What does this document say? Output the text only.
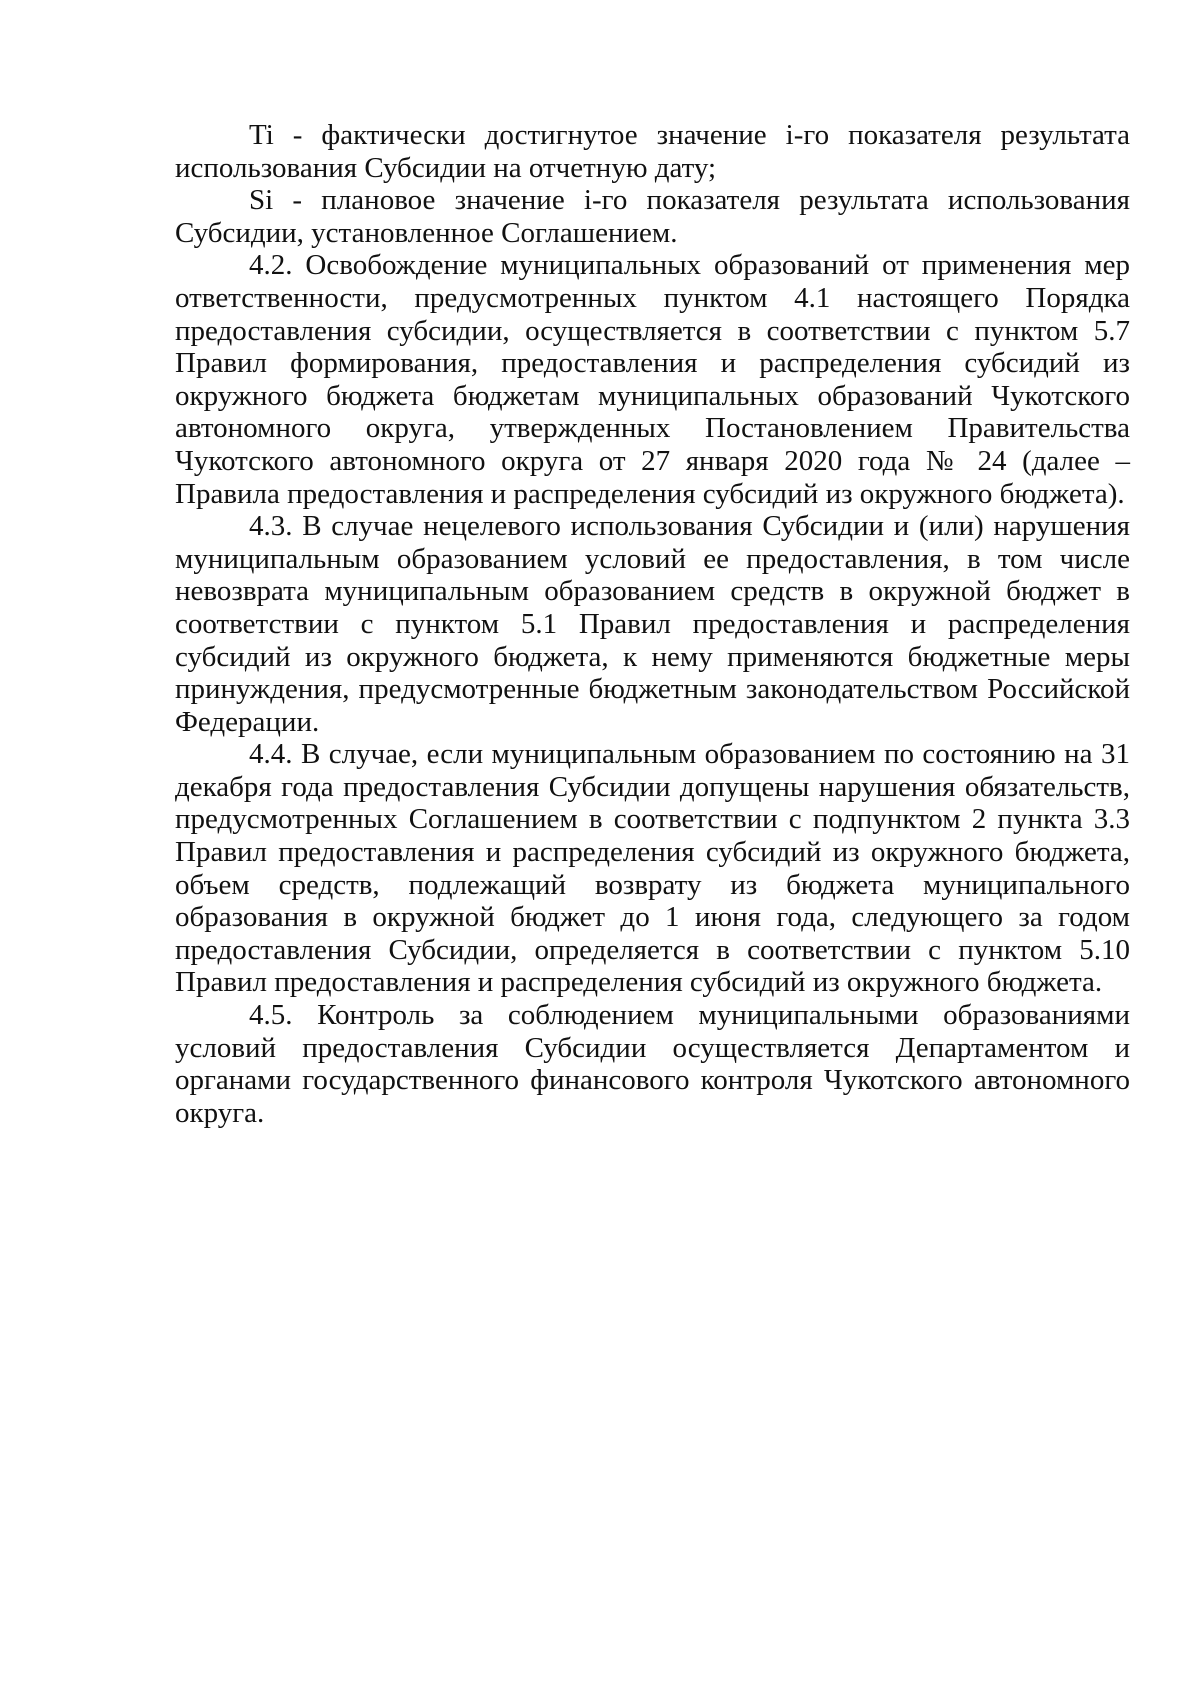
Ti - фактически достигнутое значение i-го показателя результата использования Субсидии на отчетную дату;

Si - плановое значение i-го показателя результата использования Субсидии, установленное Соглашением.

4.2. Освобождение муниципальных образований от применения мер ответственности, предусмотренных пунктом 4.1 настоящего Порядка предоставления субсидии, осуществляется в соответствии с пунктом 5.7 Правил формирования, предоставления и распределения субсидий из окружного бюджета бюджетам муниципальных образований Чукотского автономного округа, утвержденных Постановлением Правительства Чукотского автономного округа от 27 января 2020 года № 24 (далее – Правила предоставления и распределения субсидий из окружного бюджета).

4.3. В случае нецелевого использования Субсидии и (или) нарушения муниципальным образованием условий ее предоставления, в том числе невозврата муниципальным образованием средств в окружной бюджет в соответствии с пунктом 5.1 Правил предоставления и распределения субсидий из окружного бюджета, к нему применяются бюджетные меры принуждения, предусмотренные бюджетным законодательством Российской Федерации.

4.4. В случае, если муниципальным образованием по состоянию на 31 декабря года предоставления Субсидии допущены нарушения обязательств, предусмотренных Соглашением в соответствии с подпунктом 2 пункта 3.3 Правил предоставления и распределения субсидий из окружного бюджета, объем средств, подлежащий возврату из бюджета муниципального образования в окружной бюджет до 1 июня года, следующего за годом предоставления Субсидии, определяется в соответствии с пунктом 5.10 Правил предоставления и распределения субсидий из окружного бюджета.

4.5. Контроль за соблюдением муниципальными образованиями условий предоставления Субсидии осуществляется Департаментом и органами государственного финансового контроля Чукотского автономного округа.
